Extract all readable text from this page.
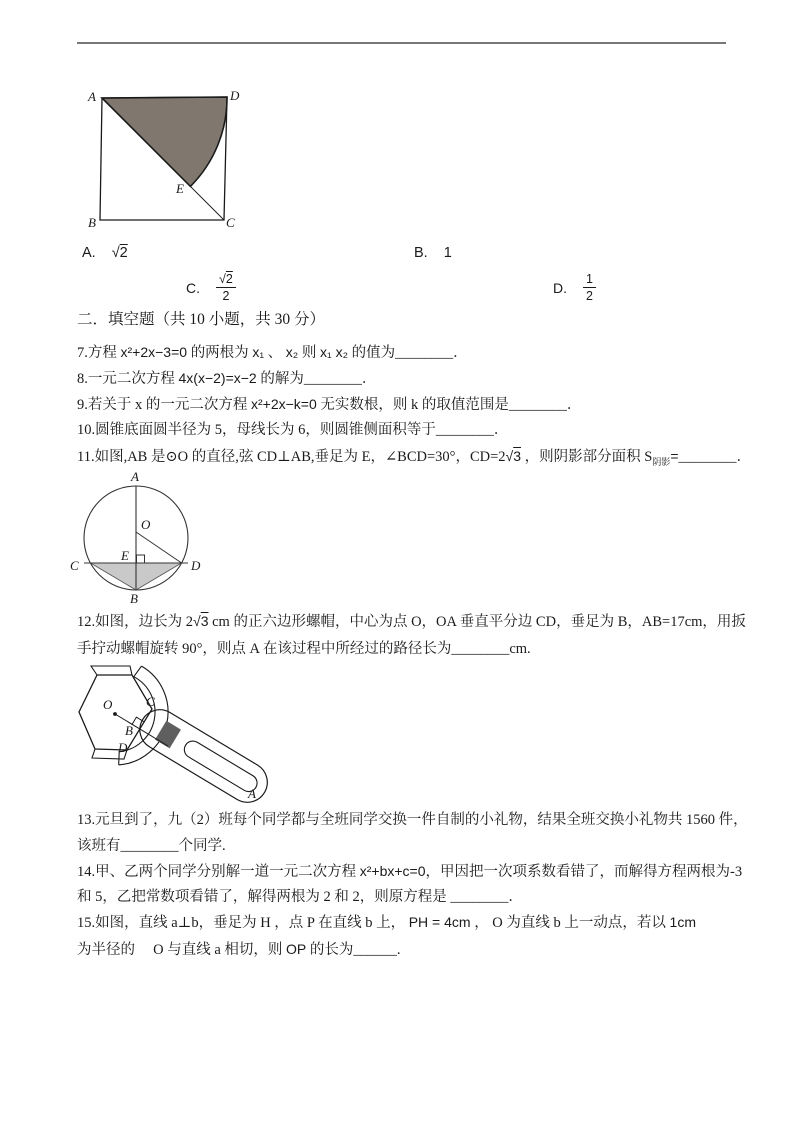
A	D
B	C
E
A. √2	B. 1
C. $\frac{√2}{2}$	D. $\frac{1}{2}$
二．填空题（共 10 小题，共 30 分）
7.方程 x²+2x−3=0 的两根为 x₁ 、 x₂ 则 x₁ x₂ 的值为________．
8.一元二次方程 4x(x−2)=x−2 的解为________．
9.若关于 x 的一元二次方程 x²+2x−k=0 无实数根，则 k 的取值范围是________．
10.圆锥底面圆半径为 5，母线长为 6，则圆锥侧面积等于________．
11.如图,AB 是⊙O 的直径,弦 CD⊥AB,垂足为 E，∠BCD=30°，CD=2√3 ，则阴影部分面积 $S_{阴影}=\_\_\_\_\_\_\_\_$．
A
O
E
C	D
B
12.如图，边长为 2√3 cm 的正六边形螺帽，中心为点 O，OA 垂直平分边 CD，垂足为 B，AB=17cm，用扳
手拧动螺帽旋转 90°，则点 A 在该过程中所经过的路径长为________cm.
O	C
B
D
A
13.元旦到了，九（2）班每个同学都与全班同学交换一件自制的小礼物，结果全班交换小礼物共 1560 件，
该班有________个同学.
14.甲、乙两个同学分别解一道一元二次方程 x²+bx+c=0，甲因把一次项系数看错了，而解得方程两根为-3
和 5，乙把常数项看错了，解得两根为 2 和 2，则原方程是 ________．
15.如图，直线 a⊥b，垂足为 H ，点 P 在直线 b 上， PH = 4cm ， O 为直线 b 上一动点，若以 1cm
为半径的　 O 与直线 a 相切，则 OP 的长为______.
